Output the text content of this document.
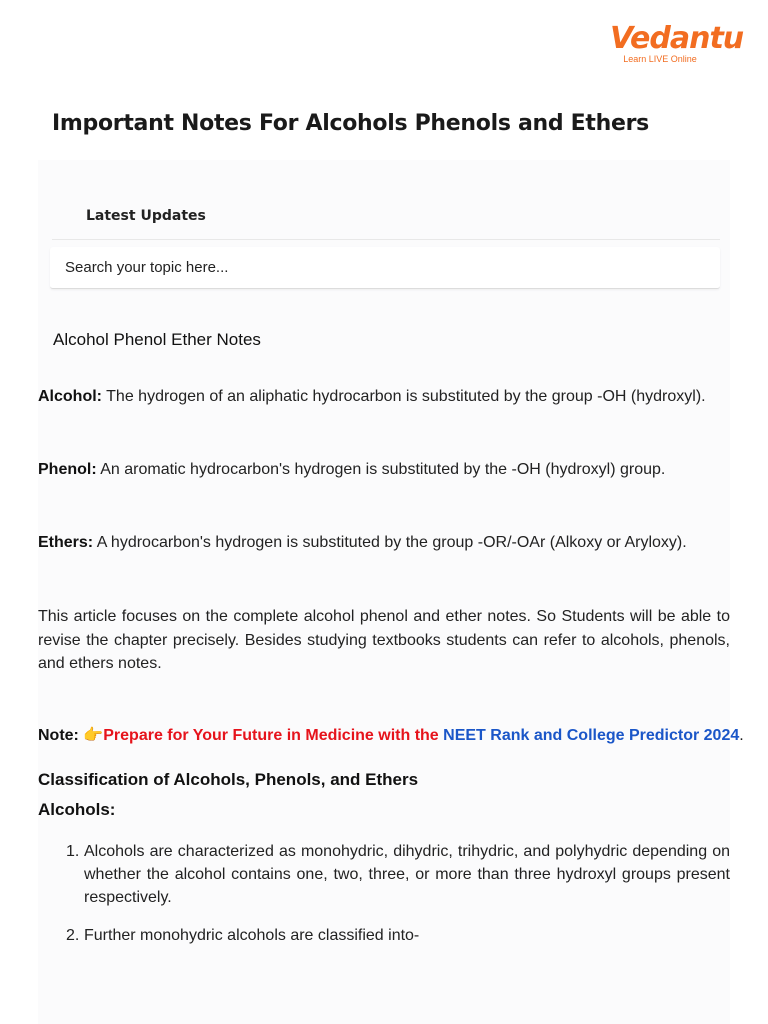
Vedantu
Learn LIVE Online
Important Notes For Alcohols Phenols and Ethers
Latest Updates
Search your topic here...
Alcohol Phenol Ether Notes
Alcohol: The hydrogen of an aliphatic hydrocarbon is substituted by the group -OH (hydroxyl).
Phenol: An aromatic hydrocarbon's hydrogen is substituted by the -OH (hydroxyl) group.
Ethers: A hydrocarbon's hydrogen is substituted by the group -OR/-OAr (Alkoxy or Aryloxy).
This article focuses on the complete alcohol phenol and ether notes. So Students will be able to revise the chapter precisely. Besides studying textbooks students can refer to alcohols, phenols, and ethers notes.
Note: 👉Prepare for Your Future in Medicine with the NEET Rank and College Predictor 2024.
Classification of Alcohols, Phenols, and Ethers
Alcohols:
1. Alcohols are characterized as monohydric, dihydric, trihydric, and polyhydric depending on whether the alcohol contains one, two, three, or more than three hydroxyl groups present respectively.
2. Further monohydric alcohols are classified into-
